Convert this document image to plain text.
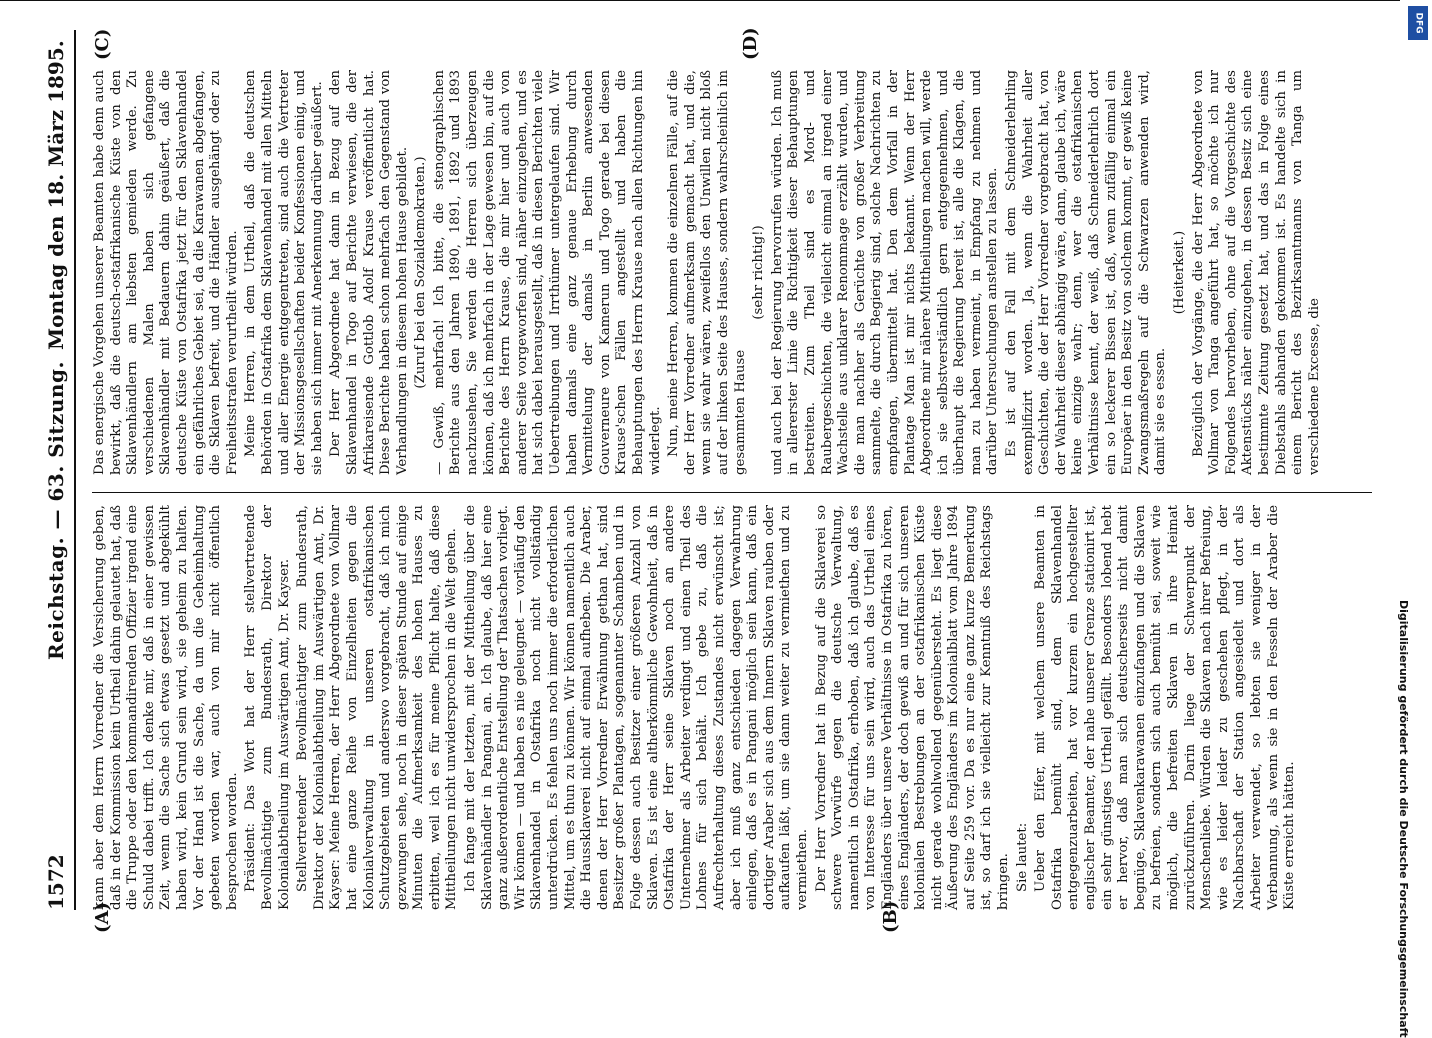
1572
Reichstag. — 63. Sitzung.
Montag den 18. März 1895.
(A)	(B)
(C)	(D)

kann aber dem Herrn Vorredner die Versicherung geben, daß in der Kommission kein Urtheil dahin gelautet hat, daß die Truppe oder den kommandirenden Offizier irgend eine Schuld dabei trifft. Ich denke mir, daß in einer gewissen Zeit, wenn die Sache sich etwas gesetzt und abgekühlt haben wird, kein Grund sein wird, sie geheim zu halten. Vor der Hand ist die Sache, da um die Geheimhaltung gebeten worden war, auch von mir nicht öffentlich besprochen worden. Präsident: Das Wort hat der Herr stellvertretende Bevollmächtigte zum Bundesrath, Direktor der Kolonialabtheilung im Auswärtigen Amt, Dr. Kayser. Stellvertretender Bevollmächtigter zum Bundesrath, Direktor der Kolonialabtheilung im Auswärtigen Amt, Dr. Kayser: Meine Herren, der Herr Abgeordnete von Vollmar hat eine ganze Reihe von Einzelheiten gegen die Kolonialverwaltung in unseren ostafrikanischen Schutzgebieten und anderswo vorgebracht, daß ich mich gezwungen sehe, noch in dieser späten Stunde auf einige Minuten die Aufmerksamkeit des hohen Hauses zu erbitten, weil ich es für meine Pflicht halte, daß diese Mittheilungen nicht unwidersprochen in die Welt gehen. Ich fange mit der letzten, mit der Mittheilung über die Sklavenhändler in Pangani, an. Ich glaube, daß hier eine ganz außerordentliche Entstellung der Thatsachen vorliegt. Wir können — und haben es nie geleugnet — vorläufig den Sklavenhandel in Ostafrika noch nicht vollständig unterdrücken. Es fehlen uns noch immer die erforderlichen Mittel, um es thun zu können. Wir können namentlich auch die Haussklaverei nicht auf einmal aufheben. Die Araber, denen der Herr Vorredner Erwähnung gethan hat, sind Besitzer großer Plantagen, sogenannter Schamben und in Folge dessen auch Besitzer einer größeren Anzahl von Sklaven. Es ist eine altherkömmliche Gewohnheit, daß in Ostafrika der Herr seine Sklaven noch an andere Unternehmer als Arbeiter verdingt und einen Theil des Lohnes für sich behält. Ich gebe zu, daß die Aufrechterhaltung dieses Zustandes nicht erwünscht ist; aber ich muß ganz entschieden dagegen Verwahrung einlegen, daß es in Pangani möglich sein kann, daß ein dortiger Araber sich aus dem Innern Sklaven rauben oder aufkaufen läßt, um sie dann weiter zu vermiethen und zu vermiethen. Der Herr Vorredner hat in Bezug auf die Sklaverei so schwere Vorwürfe gegen die deutsche Verwaltung, namentlich in Ostafrika, erhoben, daß ich glaube, daß es von Interesse für uns sein wird, auch das Urtheil eines Engländers über unsere Verhältnisse in Ostafrika zu hören, eines Engländers, der doch gewiß an und für sich unseren kolonialen Bestrebungen an der ostafrikanischen Küste nicht gerade wohlwollend gegenübersteht. Es liegt diese Äußerung des Engländers im Kolonialblatt vom Jahre 1894 auf Seite 259 vor. Da es nur eine ganz kurze Bemerkung ist, so darf ich sie vielleicht zur Kenntniß des Reichstags bringen. Sie lautet: Ueber den Eifer, mit welchem unsere Beamten in Ostafrika bemüht sind, dem Sklavenhandel entgegenzuarbeiten, hat vor kurzem ein hochgestellter englischer Beamter, der nahe unserer Grenze stationirt ist, ein sehr günstiges Urtheil gefällt. Besonders lobend hebt er hervor, daß man sich deutscherseits nicht damit begnüge, Sklavenkarawanen einzufangen und die Sklaven zu befreien, sondern sich auch bemüht sei, soweit wie möglich, die befreiten Sklaven in ihre Heimat zurückzuführen. Darin liege der Schwerpunkt der Menschenliebe. Würden die Sklaven nach ihrer Befreiung, wie es leider leider zu geschehen pflegt, in der Nachbarschaft der Station angesiedelt und dort als Arbeiter verwendet, so lebten sie weniger in der Verbannung, als wenn sie in den Fesseln der Araber die Küste erreicht hätten.

Das energische Vorgehen unserer Beamten habe denn auch bewirkt, daß die deutsch-ostafrikanische Küste von den Sklavenhändlern am liebsten gemieden werde. Zu verschiedenen Malen haben sich gefangene Sklavenhändler mit Bedauern dahin geäußert, daß die deutsche Küste von Ostafrika jetzt für den Sklavenhandel ein gefährliches Gebiet sei, da die Karawanen abgefangen, die Sklaven befreit, und die Händler ausgehängt oder zu Freiheitsstrafen verurtheilt würden. Meine Herren, in dem Urtheil, daß die deutschen Behörden in Ostafrika dem Sklavenhandel mit allen Mitteln und aller Energie entgegentreten, sind auch die Vertreter der Missionsgesellschaften beider Konfessionen einig, und sie haben sich immer mit Anerkennung darüber geäußert. Der Herr Abgeordnete hat dann in Bezug auf den Sklavenhandel in Togo auf Berichte verwiesen, die der Afrikareisende Gottlob Adolf Krause veröffentlicht hat. Diese Berichte haben schon mehrfach den Gegenstand von Verhandlungen in diesem hohen Hause gebildet. (Zuruf bei den Sozialdemokraten.) — Gewiß, mehrfach! Ich bitte, die stenographischen Berichte aus den Jahren 1890, 1891, 1892 und 1893 nachzusehen, Sie werden die Herren sich überzeugen können, daß ich mehrfach in der Lage gewesen bin, auf die Berichte des Herrn Krause, die mir hier und auch von anderer Seite vorgeworfen sind, näher einzugehen, und es hat sich dabei herausgestellt, daß in diesen Berichten viele Uebertreibungen und Irrthümer untergelaufen sind. Wir haben damals eine ganz genaue Erhebung durch Vermittelung der damals in Berlin anwesenden Gouverneure von Kamerun und Togo gerade bei diesen Krause'schen Fällen angestellt und haben die Behauptungen des Herrn Krause nach allen Richtungen hin widerlegt. Nun, meine Herren, kommen die einzelnen Fälle, auf die der Herr Vorredner aufmerksam gemacht hat, und die, wenn sie wahr wären, zweifellos den Unwillen nicht bloß auf der linken Seite des Hauses, sondern wahrscheinlich im gesammten Hause

(sehr richtig!) und auch bei der Regierung hervorrufen würden. Ich muß in allererster Linie die Richtigkeit dieser Behauptungen bestreiten. Zum Theil sind es Mord- und Raubergeschichten, die vielleicht einmal an irgend einer Wachstelle aus unklarer Renommage erzählt wurden, und die man nachher als Gerüchte von großer Verbreitung sammelte, die durch Begierig sind, solche Nachrichten zu empfangen, übermittelt hat. Den dem Vorfall in der Plantage Man ist mir nichts bekannt. Wenn der Herr Abgeordnete mir nähere Mittheilungen machen will, werde ich sie selbstverständlich gern entgegennehmen, und überhaupt die Regierung bereit ist, alle die Klagen, die man zu haben vermeint, in Empfang zu nehmen und darüber Untersuchungen anstellen zu lassen. Es ist auf den Fall mit dem Schneiderlehrling exemplifizirt worden. Ja, wenn die Wahrheit aller Geschichten, die der Herr Vorredner vorgebracht hat, von der Wahrheit dieser abhängig wäre, dann, glaube ich, wäre keine einzige wahr; denn, wer die ostafrikanischen Verhältnisse kennt, der weiß, daß Schneiderlehrlich dort ein so leckerer Bissen ist, daß, wenn zufällig einmal ein Europäer in den Besitz von solchem kommt, er gewiß keine Zwangsmaßregeln auf die Schwarzen anwenden wird, damit sie es essen.

(Heiterkeit.) Bezüglich der Vorgänge, die der Herr Abgeordnete von Vollmar von Tanga angeführt hat, so möchte ich nur Folgendes hervorheben, ohne auf die Vorgeschichte des Aktenstücks näher einzugehen, in dessen Besitz sich eine bestimmte Zeitung gesetzt hat, und das in Folge eines Diebstahls abhanden gekommen ist. Es handelte sich in einem Bericht des Bezirksamtmanns von Tanga um verschiedene Excesse, die

DFG
Digitalisierung gefördert durch die Deutsche Forschungsgemeinschaft
